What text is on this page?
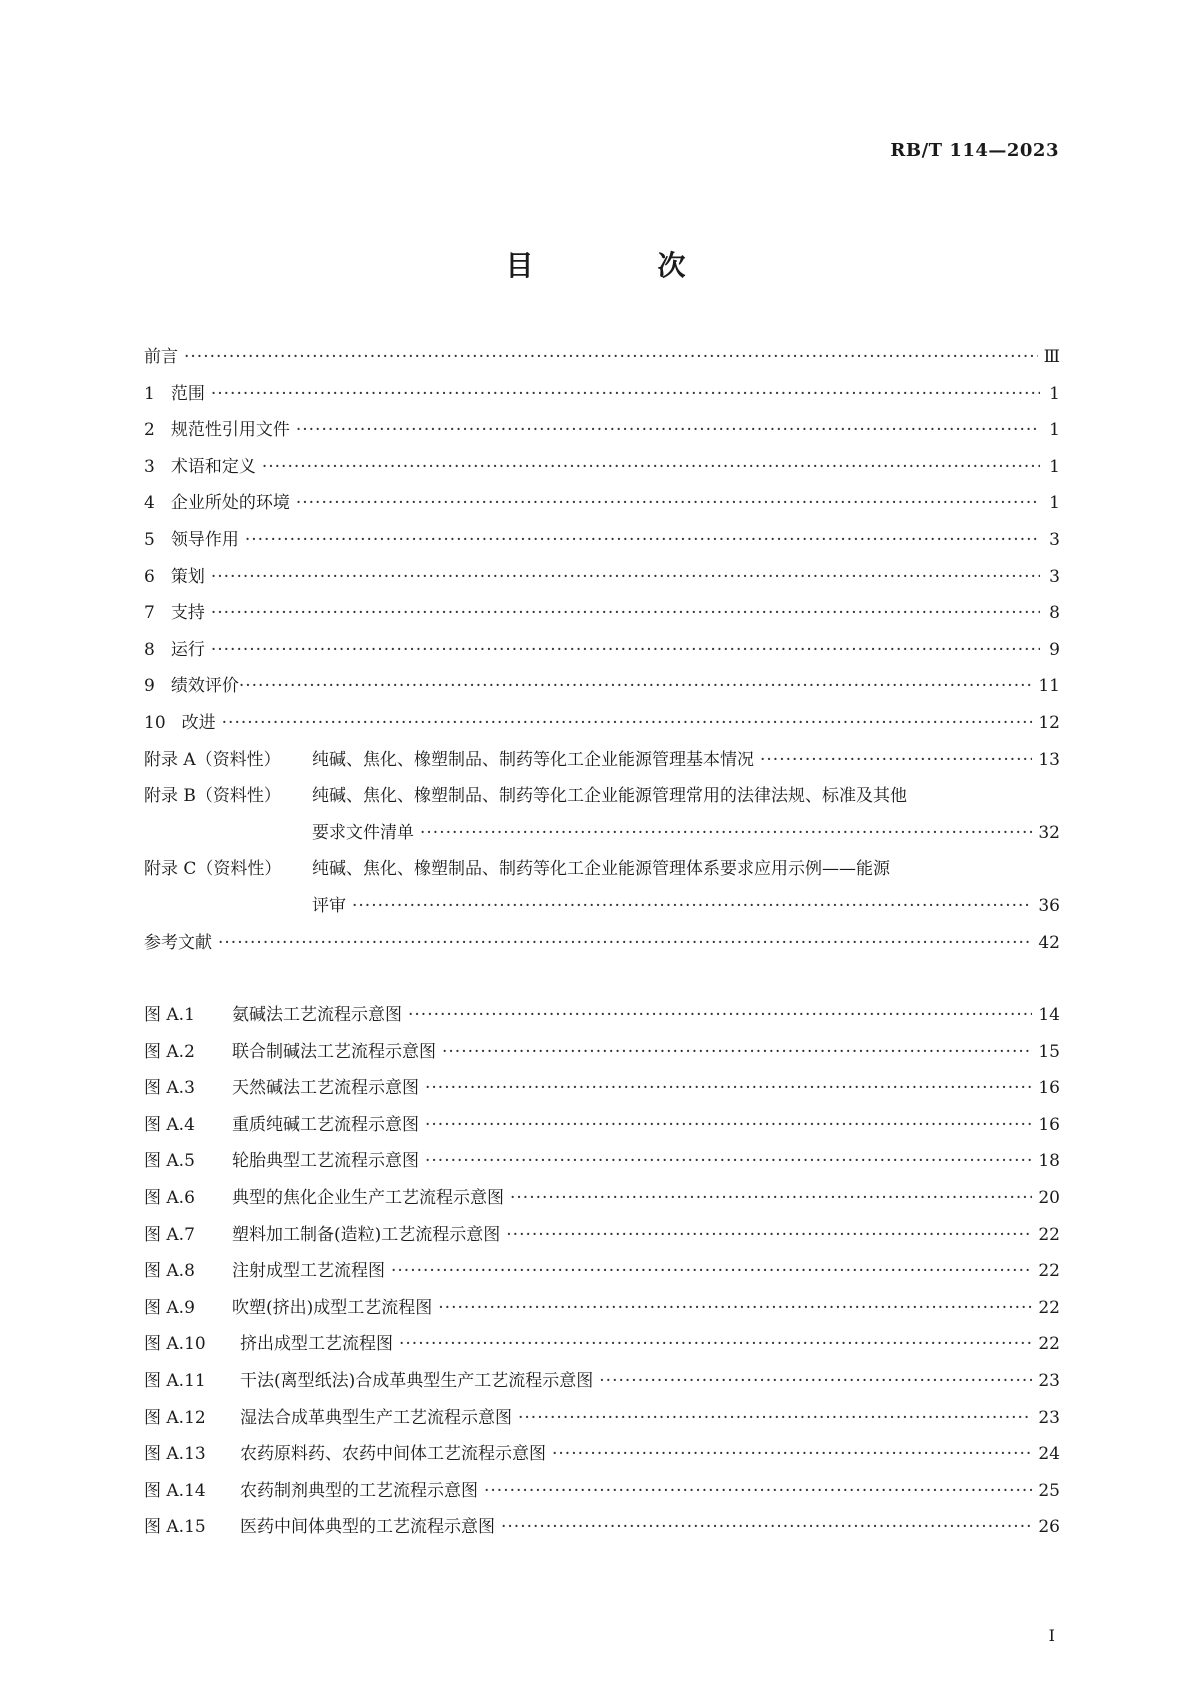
RB/T 114—2023
目　次
前言 ·····	Ⅲ
1 范围 ·····	1
2 规范性引用文件 ·····	1
3 术语和定义 ·····	1
4 企业所处的环境 ·····	1
5 领导作用 ·····	3
6 策划 ·····	3
7 支持 ·····	8
8 运行 ·····	9
9 绩效评价 ·····	11
10 改进 ·····	12
附录 A（资料性）	纯碱、焦化、橡塑制品、制药等化工企业能源管理基本情况 ·····	13
附录 B（资料性）	纯碱、焦化、橡塑制品、制药等化工企业能源管理常用的法律法规、标准及其他
要求文件清单 ·····	32
附录 C（资料性）	纯碱、焦化、橡塑制品、制药等化工企业能源管理体系要求应用示例——能源
评审 ·····	36
参考文献 ·····	42
图 A.1 氨碱法工艺流程示意图 ·····	14
图 A.2 联合制碱法工艺流程示意图 ·····	15
图 A.3 天然碱法工艺流程示意图 ·····	16
图 A.4 重质纯碱工艺流程示意图 ·····	16
图 A.5 轮胎典型工艺流程示意图 ·····	18
图 A.6 典型的焦化企业生产工艺流程示意图 ·····	20
图 A.7 塑料加工制备(造粒)工艺流程示意图 ·····	22
图 A.8 注射成型工艺流程图 ·····	22
图 A.9 吹塑(挤出)成型工艺流程图 ·····	22
图 A.10 挤出成型工艺流程图 ·····	22
图 A.11 干法(离型纸法)合成革典型生产工艺流程示意图 ·····	23
图 A.12 湿法合成革典型生产工艺流程示意图 ·····	23
图 A.13 农药原料药、农药中间体工艺流程示意图 ·····	24
图 A.14 农药制剂典型的工艺流程示意图 ·····	25
图 A.15 医药中间体典型的工艺流程示意图 ·····	26
I
